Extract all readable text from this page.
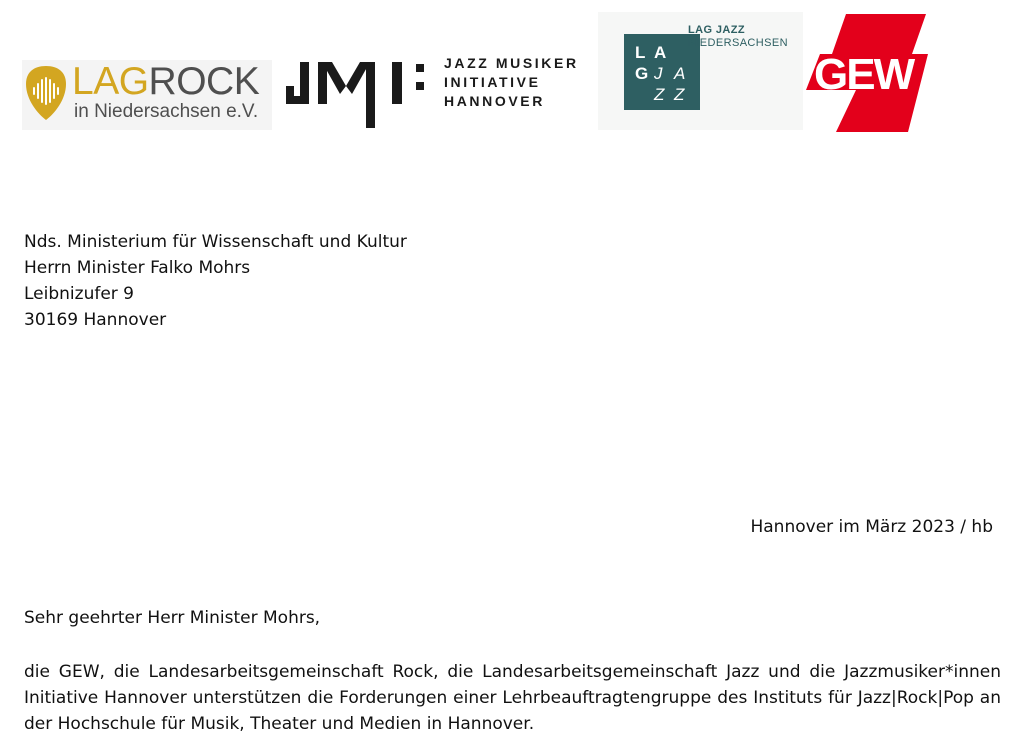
LAGROCK
in Niedersachsen e.V.
JAZZ MUSIKER
INITIATIVE
HANNOVER
L A
G J A
Z Z
LAG JAZZ
NIEDERSACHSEN
GEW
Nds. Ministerium für Wissenschaft und Kultur
Herrn Minister Falko Mohrs
Leibnizufer 9
30169 Hannover
Hannover im März 2023 / hb
Sehr geehrter Herr Minister Mohrs,
die GEW, die Landesarbeitsgemeinschaft Rock, die Landesarbeitsgemeinschaft Jazz und die Jazzmusiker*innen Initiative Hannover unterstützen die Forderungen einer Lehrbeauftragtengruppe des Instituts für Jazz|Rock|Pop an der Hochschule für Musik, Theater und Medien in Hannover.
